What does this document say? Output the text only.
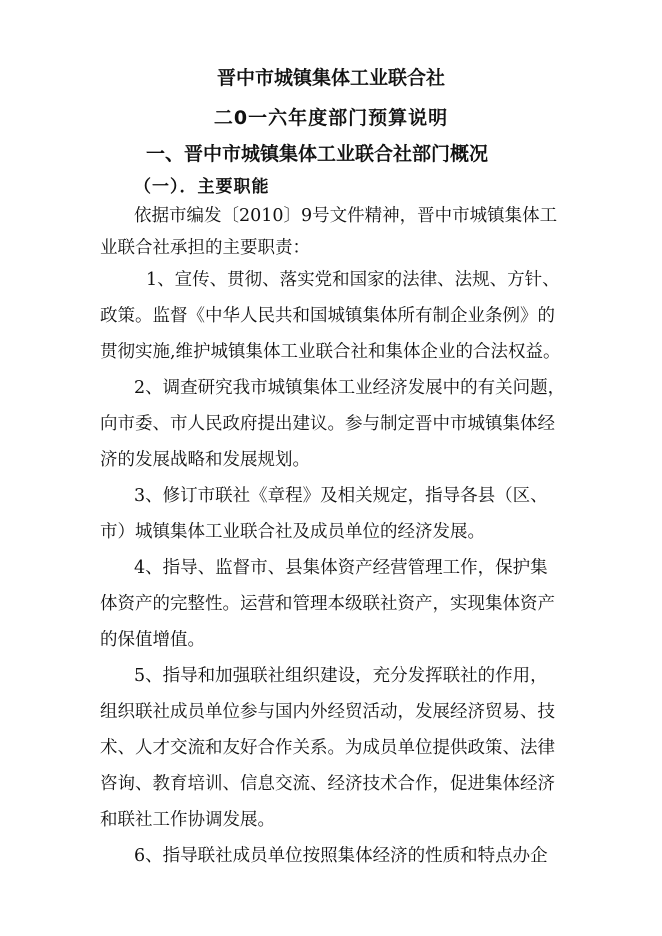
晋中市城镇集体工业联合社
二0一六年度部门预算说明
一、晋中市城镇集体工业联合社部门概况
（一）．主要职能
依据市编发〔2010〕9号文件精神，晋中市城镇集体工
业联合社承担的主要职责：
1、宣传、贯彻、落实党和国家的法律、法规、方针、
政策。监督《中华人民共和国城镇集体所有制企业条例》的
贯彻实施,维护城镇集体工业联合社和集体企业的合法权益。
2、调查研究我市城镇集体工业经济发展中的有关问题，
向市委、市人民政府提出建议。参与制定晋中市城镇集体经
济的发展战略和发展规划。
3、修订市联社《章程》及相关规定，指导各县（区、
市）城镇集体工业联合社及成员单位的经济发展。
4、指导、监督市、县集体资产经营管理工作，保护集
体资产的完整性。运营和管理本级联社资产，实现集体资产
的保值增值。
5、指导和加强联社组织建设，充分发挥联社的作用，
组织联社成员单位参与国内外经贸活动，发展经济贸易、技
术、人才交流和友好合作关系。为成员单位提供政策、法律
咨询、教育培训、信息交流、经济技术合作，促进集体经济
和联社工作协调发展。
6、指导联社成员单位按照集体经济的性质和特点办企
